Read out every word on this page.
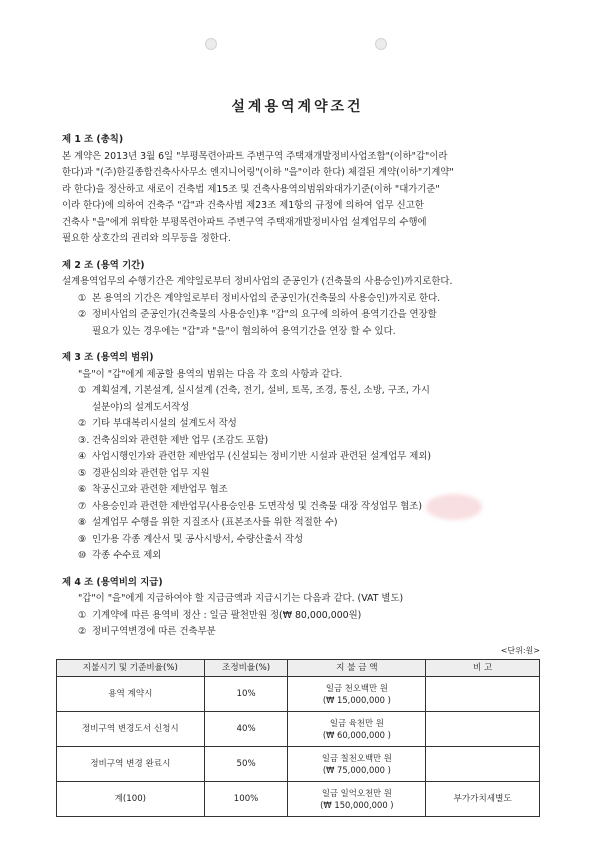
설계용역계약조건
제 1 조 (총칙)
본 계약은 2013년 3월 6일 "부평목련아파트 주변구역 주택재개발정비사업조합"(이하"갑"이라
한다)과 "(주)한길종합건축사사무소 엔지니어링"(이하 "을"이라 한다) 체결된 계약(이하"기계약"
라 한다)을 정산하고 새로이 건축법 제15조 및 건축사용역의범위와대가기준(이하 "대가기준"
이라 한다)에 의하여 건축주 "갑"과 건축사법 제23조 제1항의 규정에 의하여 업무 신고한
건축사 "을"에게 위탁한 부평목련아파트 주변구역 주택재개발정비사업 설계업무의 수행에
필요한 상호간의 권리와 의무등을 정한다.
제 2 조 (용역 기간)
설계용역업무의 수행기간은 계약일로부터 정비사업의 준공인가 (건축물의 사용승인)까지로한다.
① 본 용역의 기간은 계약일로부터 정비사업의 준공인가(건축물의 사용승인)까지로 한다.
② 정비사업의 준공인가(건축물의 사용승인)후 "갑"의 요구에 의하여 용역기간을 연장할
필요가 있는 경우에는 "갑"과 "을"이 협의하여 용역기간을 연장 할 수 있다.
제 3 조 (용역의 범위)
"을"이 "갑"에게 제공할 용역의 범위는 다음 각 호의 사항과 같다.
① 계획설계, 기본설계, 실시설계 (건축, 전기, 설비, 토목, 조경, 통신, 소방, 구조, 가시
설분야)의 설계도서작성
② 기타 부대복리시설의 설계도서 작성
③. 건축심의와 관련한 제반 업무 (조감도 포함)
④ 사업시행인가와 관련한 제반업무 (신설되는 정비기반 시설과 관련된 설계업무 제외)
⑤ 경관심의와 관련한 업무 지원
⑥ 착공신고와 관련한 제반업무 협조
⑦ 사용승인과 관련한 제반업무(사용승인용 도면작성 및 건축물 대장 작성업무 협조)
⑧ 설계업무 수행을 위한 지질조사 (표본조사를 위한 적절한 수)
⑨ 인가용 각종 계산서 및 공사시방서, 수량산출서 작성
⑩ 각종 수수료 제외
제 4 조 (용역비의 지급)
"갑"이 "을"에게 지급하여야 할 지급금액과 지급시기는 다음과 같다. (VAT 별도)
① 기계약에 따른 용역비 정산 : 일금 팔천만원 정(₩ 80,000,000원)
② 정비구역변경에 따른 건축부분
<단위:원>
지불시기 및 기준비율(%)	조정비율(%)	지 불 금 액	비 고
용역 계약시	10%	일금 천오백만 원
(₩ 15,000,000 )	

정비구역 변경도서 신청시	40%	일금 육천만 원
(₩ 60,000,000 )	

정비구역 변경 완료시	50%	일금 칠천오백만 원
(₩ 75,000,000 )	

계(100)	100%	일금 일억오천만 원
(₩ 150,000,000 )	부가가치세별도
